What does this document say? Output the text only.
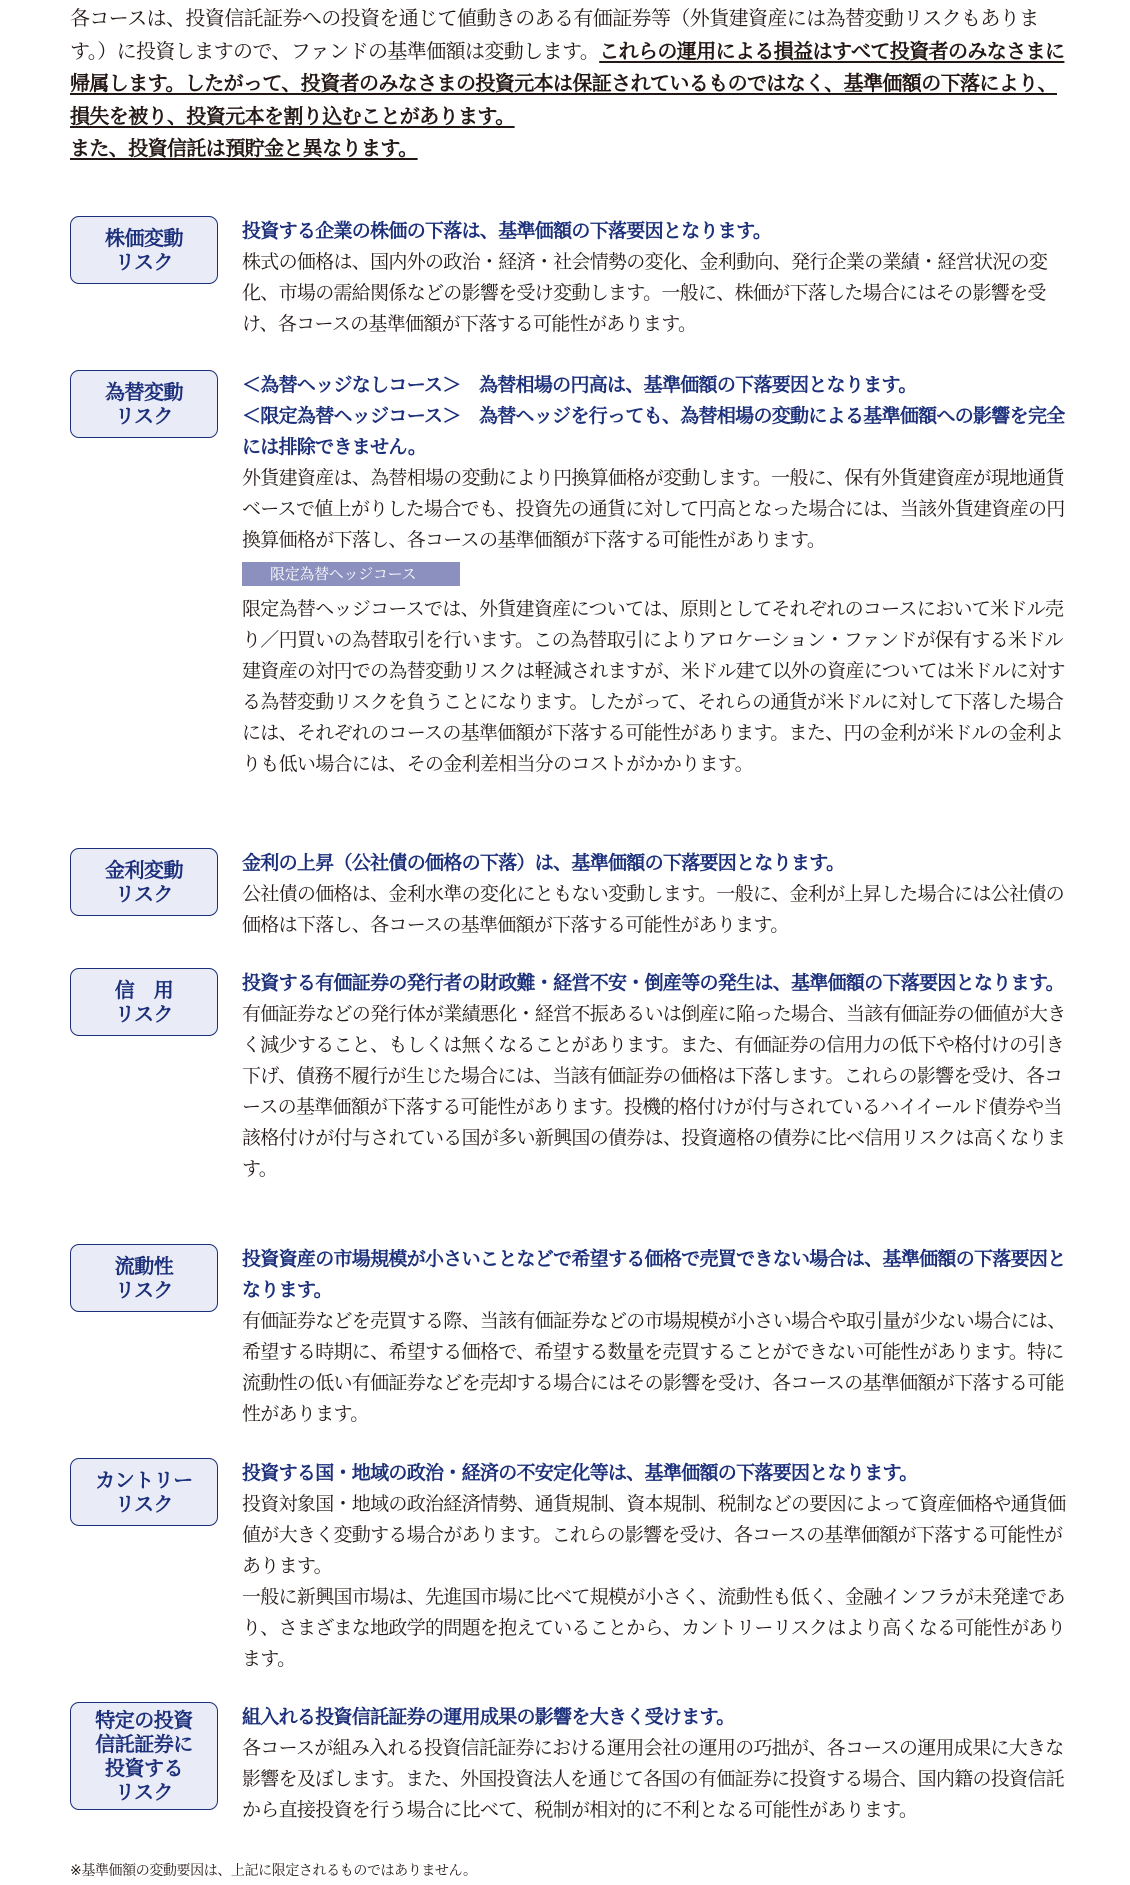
各コースは、投資信託証券への投資を通じて値動きのある有価証券等（外貨建資産には為替変動リスクもあります。）に投資しますので、ファンドの基準価額は変動します。これらの運用による損益はすべて投資者のみなさまに帰属します。したがって、投資者のみなさまの投資元本は保証されているものではなく、基準価額の下落により、損失を被り、投資元本を割り込むことがあります。
また、投資信託は預貯金と異なります。

株価変動
リスク

投資する企業の株価の下落は、基準価額の下落要因となります。

株式の価格は、国内外の政治・経済・社会情勢の変化、金利動向、発行企業の業績・経営状況の変化、市場の需給関係などの影響を受け変動します。一般に、株価が下落した場合にはその影響を受け、各コースの基準価額が下落する可能性があります。

為替変動
リスク

＜為替ヘッジなしコース＞　為替相場の円高は、基準価額の下落要因となります。

＜限定為替ヘッジコース＞　為替ヘッジを行っても、為替相場の変動による基準価額への影響を完全には排除できません。

外貨建資産は、為替相場の変動により円換算価格が変動します。一般に、保有外貨建資産が現地通貨ベースで値上がりした場合でも、投資先の通貨に対して円高となった場合には、当該外貨建資産の円換算価格が下落し、各コースの基準価額が下落する可能性があります。

限定為替ヘッジコース

限定為替ヘッジコースでは、外貨建資産については、原則としてそれぞれのコースにおいて米ドル売り／円買いの為替取引を行います。この為替取引によりアロケーション・ファンドが保有する米ドル建資産の対円での為替変動リスクは軽減されますが、米ドル建て以外の資産については米ドルに対する為替変動リスクを負うことになります。したがって、それらの通貨が米ドルに対して下落した場合には、それぞれのコースの基準価額が下落する可能性があります。また、円の金利が米ドルの金利よりも低い場合には、その金利差相当分のコストがかかります。

金利変動
リスク

金利の上昇（公社債の価格の下落）は、基準価額の下落要因となります。

公社債の価格は、金利水準の変化にともない変動します。一般に、金利が上昇した場合には公社債の価格は下落し、各コースの基準価額が下落する可能性があります。

信　用
リスク

投資する有価証券の発行者の財政難・経営不安・倒産等の発生は、基準価額の下落要因となります。

有価証券などの発行体が業績悪化・経営不振あるいは倒産に陥った場合、当該有価証券の価値が大きく減少すること、もしくは無くなることがあります。また、有価証券の信用力の低下や格付けの引き下げ、債務不履行が生じた場合には、当該有価証券の価格は下落します。これらの影響を受け、各コースの基準価額が下落する可能性があります。投機的格付けが付与されているハイイールド債券や当該格付けが付与されている国が多い新興国の債券は、投資適格の債券に比べ信用リスクは高くなります。

流動性
リスク

投資資産の市場規模が小さいことなどで希望する価格で売買できない場合は、基準価額の下落要因となります。

有価証券などを売買する際、当該有価証券などの市場規模が小さい場合や取引量が少ない場合には、希望する時期に、希望する価格で、希望する数量を売買することができない可能性があります。特に流動性の低い有価証券などを売却する場合にはその影響を受け、各コースの基準価額が下落する可能性があります。

カントリー
リスク

投資する国・地域の政治・経済の不安定化等は、基準価額の下落要因となります。

投資対象国・地域の政治経済情勢、通貨規制、資本規制、税制などの要因によって資産価格や通貨価値が大きく変動する場合があります。これらの影響を受け、各コースの基準価額が下落する可能性があります。

一般に新興国市場は、先進国市場に比べて規模が小さく、流動性も低く、金融インフラが未発達であり、さまざまな地政学的問題を抱えていることから、カントリーリスクはより高くなる可能性があります。

特定の投資
信託証券に
投資する
リスク

組入れる投資信託証券の運用成果の影響を大きく受けます。

各コースが組み入れる投資信託証券における運用会社の運用の巧拙が、各コースの運用成果に大きな影響を及ぼします。また、外国投資法人を通じて各国の有価証券に投資する場合、国内籍の投資信託から直接投資を行う場合に比べて、税制が相対的に不利となる可能性があります。

※基準価額の変動要因は、上記に限定されるものではありません。
